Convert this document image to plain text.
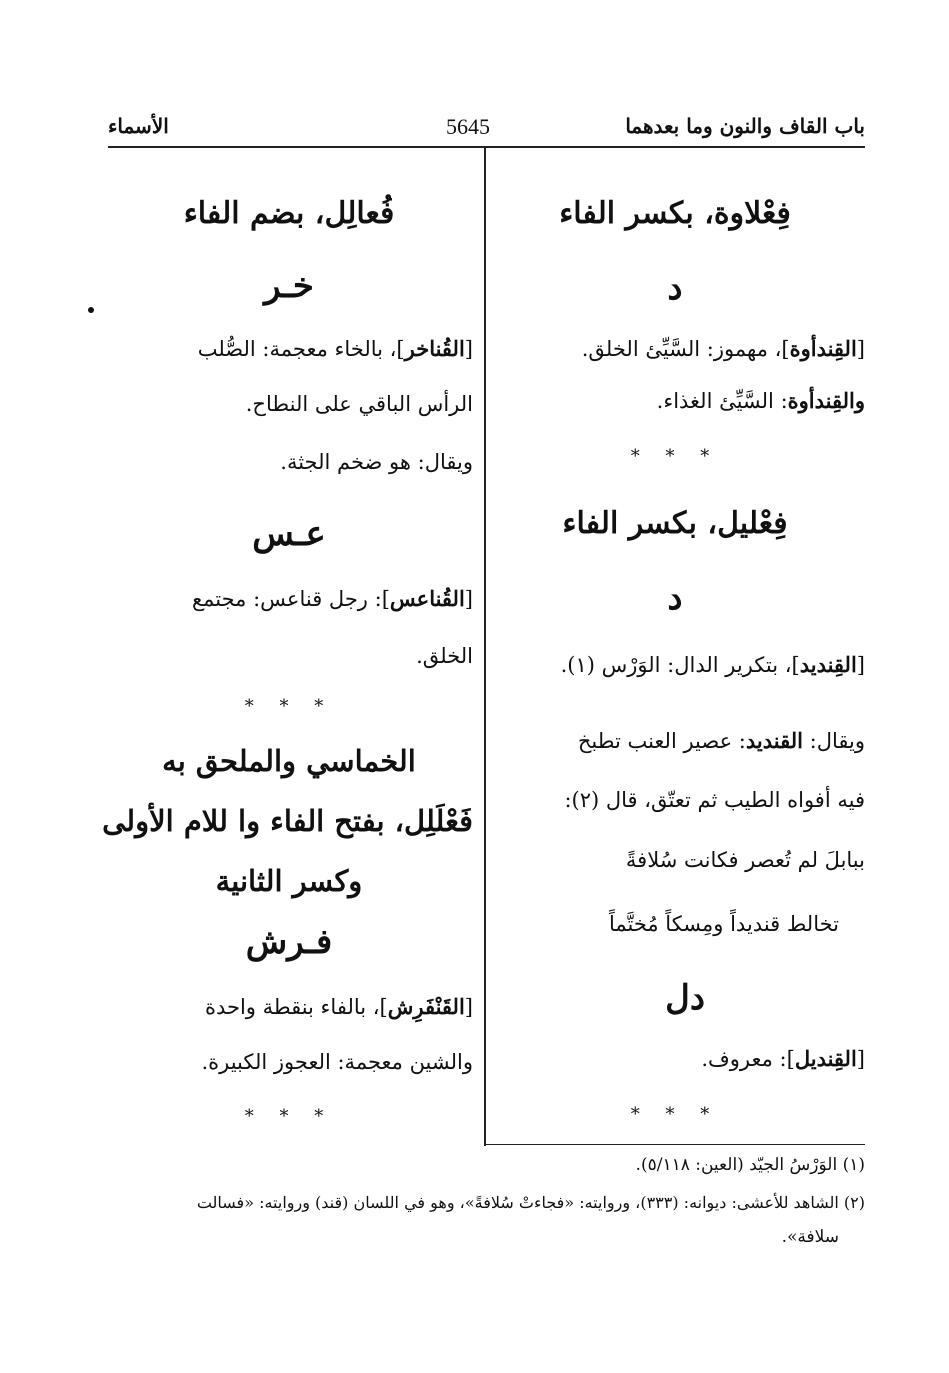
باب القاف والنون وما بعدهما
5645
الأسماء
فِعْلاوة، بكسر الفاء
د
[القِندأوة]، مهموز: السَّيِّئ الخلق.
والقِندأوة: السَّيِّئ الغذاء.
* * *
فِعْليل، بكسر الفاء
د
[القِنديد]، بتكرير الدال: الوَرْس (١).
ويقال: القنديد: عصير العنب تطبخ
فيه أفواه الطيب ثم تعتّق، قال (٢):
ببابلَ لم تُعصر فكانت سُلافةً
تخالط قنديداً ومِسكاً مُختَّماً
دل
[القِنديل]: معروف.
* * *
فُعالِل، بضم الفاء
خـر
[القُناخر]، بالخاء معجمة: الصُّلب
الرأس الباقي على النطاح.
ويقال: هو ضخم الجثة.
عـس
[القُناعس]: رجل قناعس: مجتمع
الخلق.
* * *
الخماسي والملحق به
فَعْلَلِل، بفتح الفاء وا للام الأولى
وكسر الثانية
فـرش
[القَنْفَرِش]، بالفاء بنقطة واحدة
والشين معجمة: العجوز الكبيرة.
* * *
(١) الوَرْسُ الجيّد (العين: ٥/١١٨).
(٢) الشاهد للأعشى: ديوانه: (٣٣٣)، وروايته: «فجاءتْ سُلافةً»، وهو في اللسان (قند) وروايته: «فسالت
سلافة».
